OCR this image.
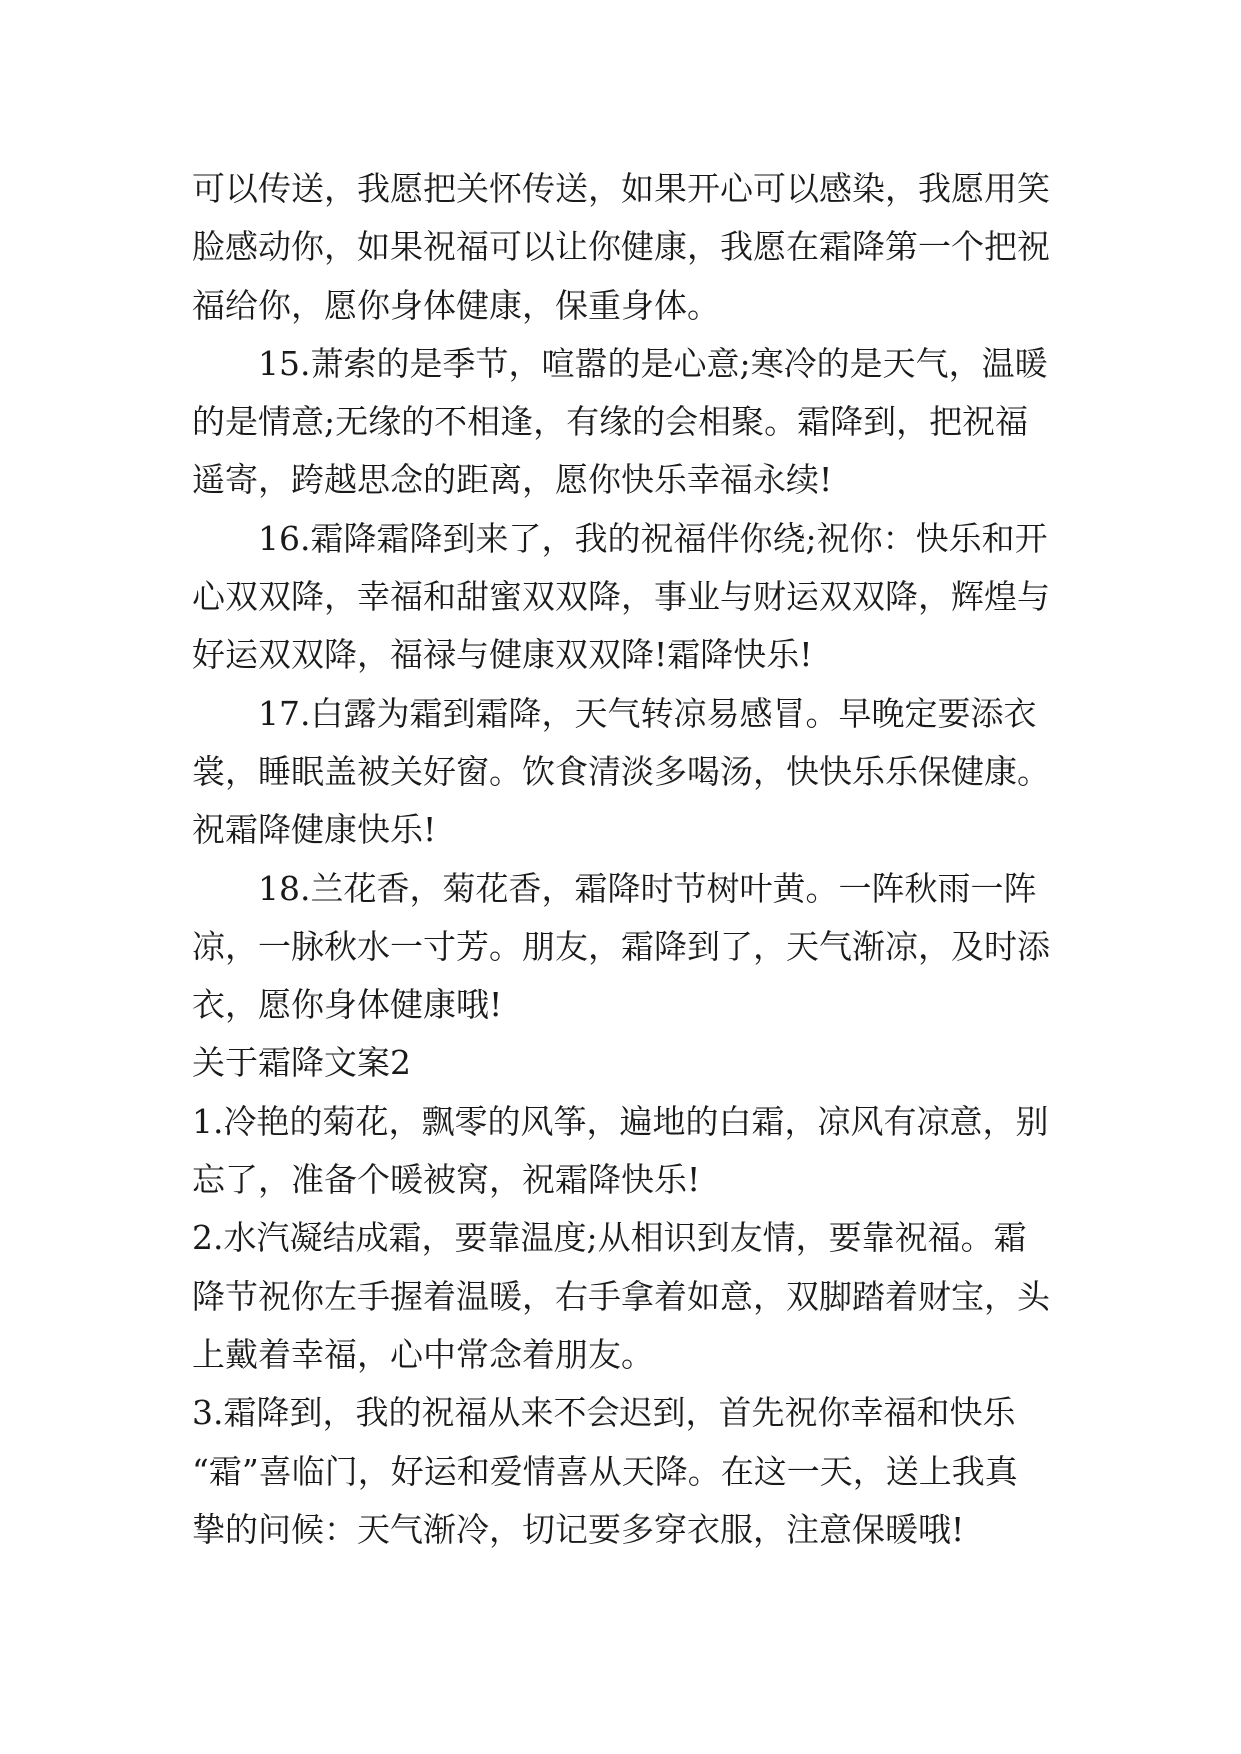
可以传送，我愿把关怀传送，如果开心可以感染，我愿用笑
脸感动你，如果祝福可以让你健康，我愿在霜降第一个把祝
福给你，愿你身体健康，保重身体。
15.萧索的是季节，喧嚣的是心意;寒冷的是天气，温暖
的是情意;无缘的不相逢，有缘的会相聚。霜降到，把祝福
遥寄，跨越思念的距离，愿你快乐幸福永续!
16.霜降霜降到来了，我的祝福伴你绕;祝你：快乐和开
心双双降，幸福和甜蜜双双降，事业与财运双双降，辉煌与
好运双双降，福禄与健康双双降!霜降快乐!
17.白露为霜到霜降，天气转凉易感冒。早晚定要添衣
裳，睡眠盖被关好窗。饮食清淡多喝汤，快快乐乐保健康。
祝霜降健康快乐!
18.兰花香，菊花香，霜降时节树叶黄。一阵秋雨一阵
凉，一脉秋水一寸芳。朋友，霜降到了，天气渐凉，及时添
衣，愿你身体健康哦!
关于霜降文案2
1.冷艳的菊花，飘零的风筝，遍地的白霜，凉风有凉意，别
忘了，准备个暖被窝，祝霜降快乐!
2.水汽凝结成霜，要靠温度;从相识到友情，要靠祝福。霜
降节祝你左手握着温暖，右手拿着如意，双脚踏着财宝，头
上戴着幸福，心中常念着朋友。
3.霜降到，我的祝福从来不会迟到，首先祝你幸福和快乐
“霜”喜临门，好运和爱情喜从天降。在这一天，送上我真
挚的问候：天气渐冷，切记要多穿衣服，注意保暖哦!
